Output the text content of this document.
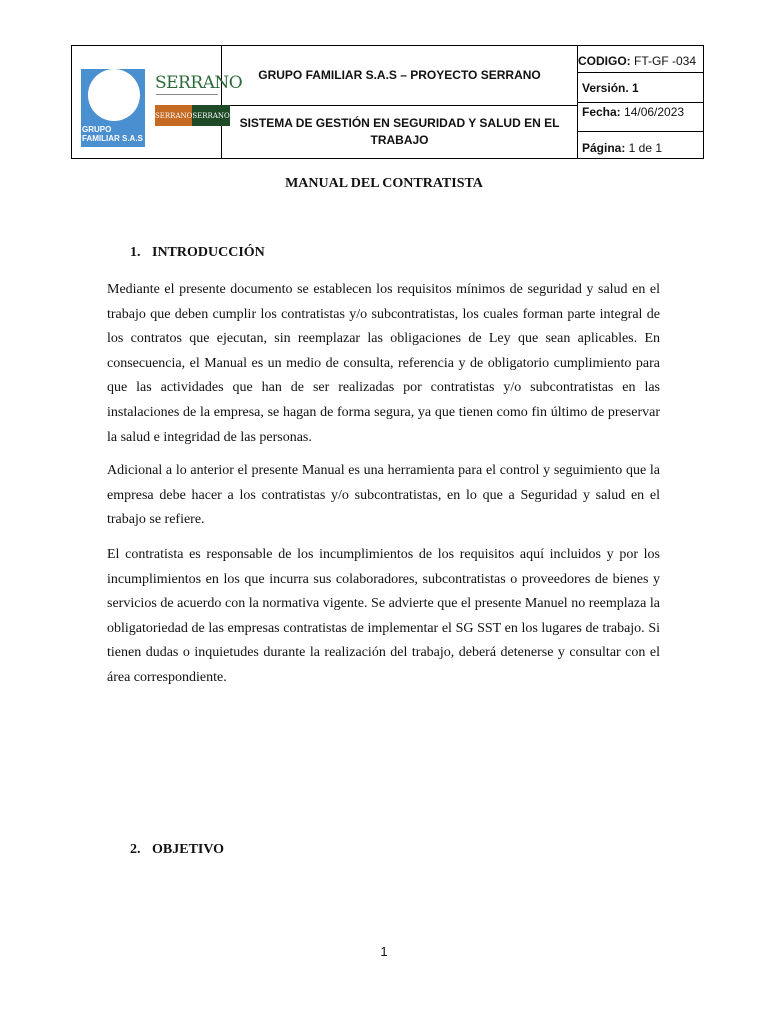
GRUPO
FAMILIAR S.A.S
SERRANO
SERRANO SERRANO
GRUPO FAMILIAR S.A.S – PROYECTO SERRANO
SISTEMA DE GESTIÓN EN SEGURIDAD Y SALUD EN EL TRABAJO
CODIGO: FT-GF -034
Versión. 1
Fecha: 14/06/2023
Página: 1 de 1
MANUAL DEL CONTRATISTA
1. INTRODUCCIÓN
Mediante el presente documento se establecen los requisitos mínimos de seguridad y salud en el trabajo que deben cumplir los contratistas y/o subcontratistas, los cuales forman parte integral de los contratos que ejecutan, sin reemplazar las obligaciones de Ley que sean aplicables. En consecuencia, el Manual es un medio de consulta, referencia y de obligatorio cumplimiento para que las actividades que han de ser realizadas por contratistas y/o subcontratistas en las instalaciones de la empresa, se hagan de forma segura, ya que tienen como fin último de preservar la salud e integridad de las personas.
Adicional a lo anterior el presente Manual es una herramienta para el control y seguimiento que la empresa debe hacer a los contratistas y/o subcontratistas, en lo que a Seguridad y salud en el trabajo se refiere.
El contratista es responsable de los incumplimientos de los requisitos aquí incluidos y por los incumplimientos en los que incurra sus colaboradores, subcontratistas o proveedores de bienes y servicios de acuerdo con la normativa vigente. Se advierte que el presente Manuel no reemplaza la obligatoriedad de las empresas contratistas de implementar el SG SST en los lugares de trabajo. Si tienen dudas o inquietudes durante la realización del trabajo, deberá detenerse y consultar con el área correspondiente.
2. OBJETIVO
1
